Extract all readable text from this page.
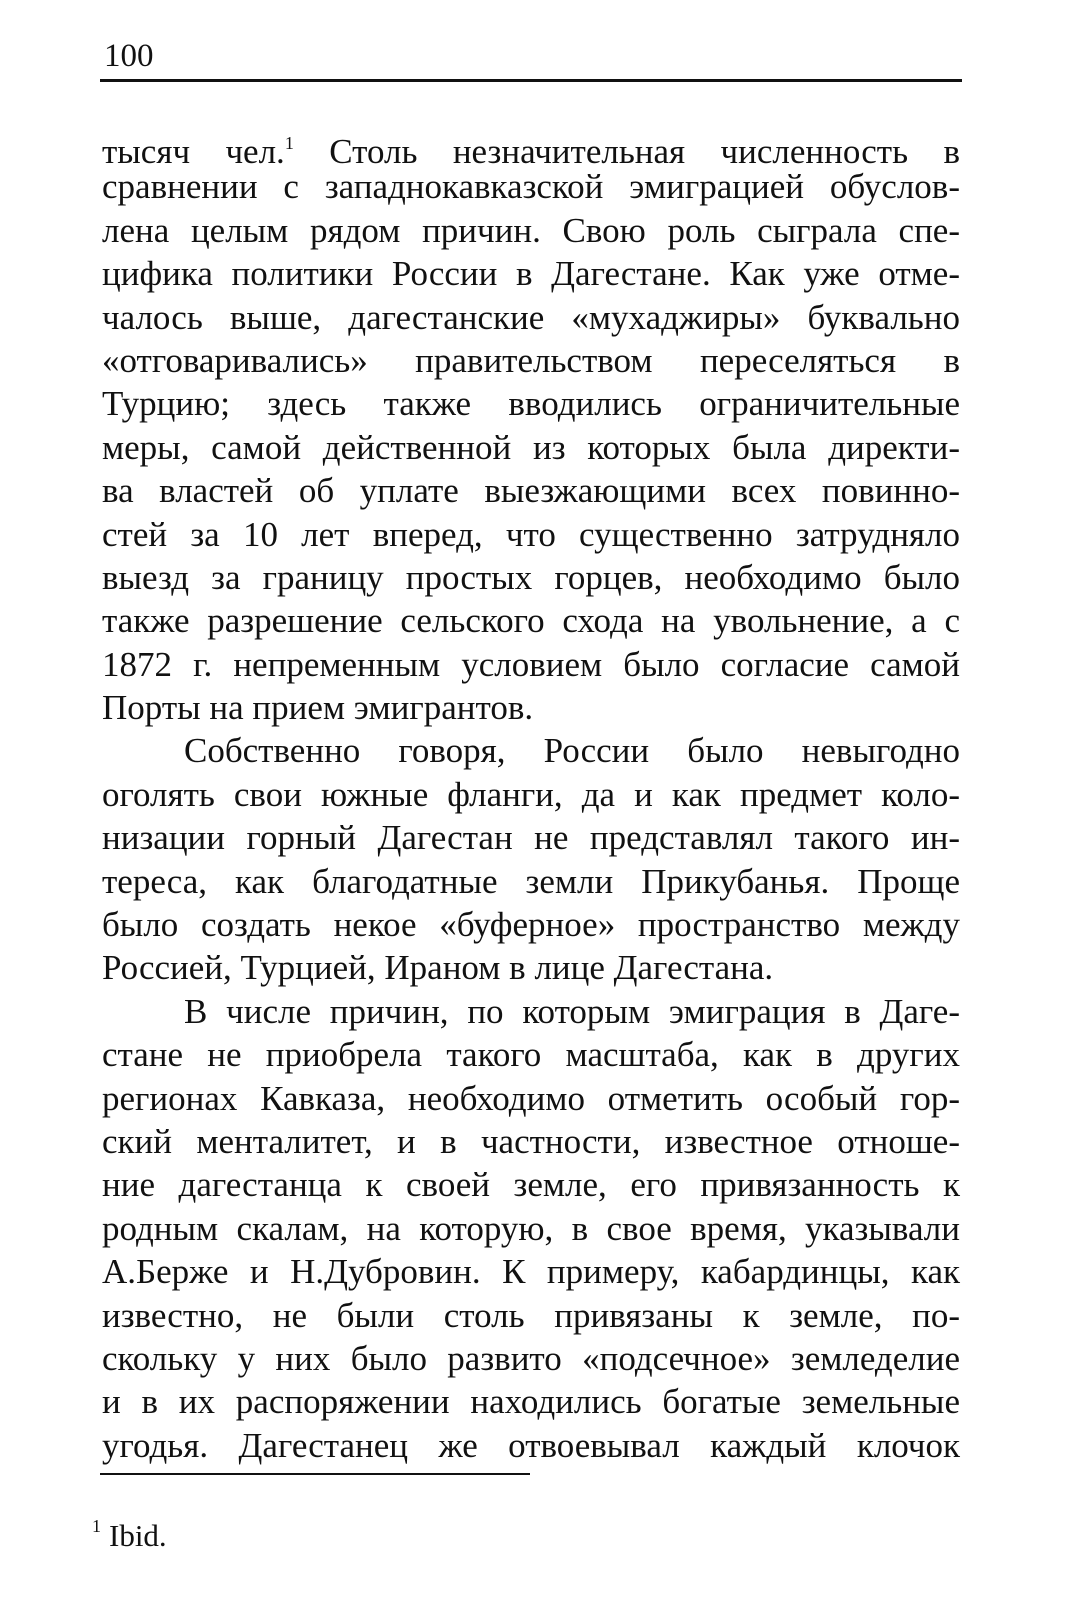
100
тысяч чел.$^1$ Столь незначительная численность в
сравнении с западнокавказской эмиграцией обуслов-
лена целым рядом причин. Свою роль сыграла спе-
цифика политики России в Дагестане. Как уже отме-
чалось выше, дагестанские «мухаджиры» буквально
«отговаривались» правительством переселяться в
Турцию; здесь также вводились ограничительные
меры, самой действенной из которых была директи-
ва властей об уплате выезжающими всех повинно-
стей за 10 лет вперед, что существенно затрудняло
выезд за границу простых горцев, необходимо было
также разрешение сельского схода на увольнение, а с
1872 г. непременным условием было согласие самой
Порты на прием эмигрантов.
Собственно говоря, России было невыгодно
оголять свои южные фланги, да и как предмет коло-
низации горный Дагестан не представлял такого ин-
тереса, как благодатные земли Прикубанья. Проще
было создать некое «буферное» пространство между
Россией, Турцией, Ираном в лице Дагестана.
В числе причин, по которым эмиграция в Даге-
стане не приобрела такого масштаба, как в других
регионах Кавказа, необходимо отметить особый гор-
ский менталитет, и в частности, известное отноше-
ние дагестанца к своей земле, его привязанность к
родным скалам, на которую, в свое время, указывали
А.Берже и Н.Дубровин. К примеру, кабардинцы, как
известно, не были столь привязаны к земле, по-
скольку у них было развито «подсечное» земледелие
и в их распоряжении находились богатые земельные
угодья. Дагестанец же отвоевывал каждый клочок
$^1$ Ibid.
